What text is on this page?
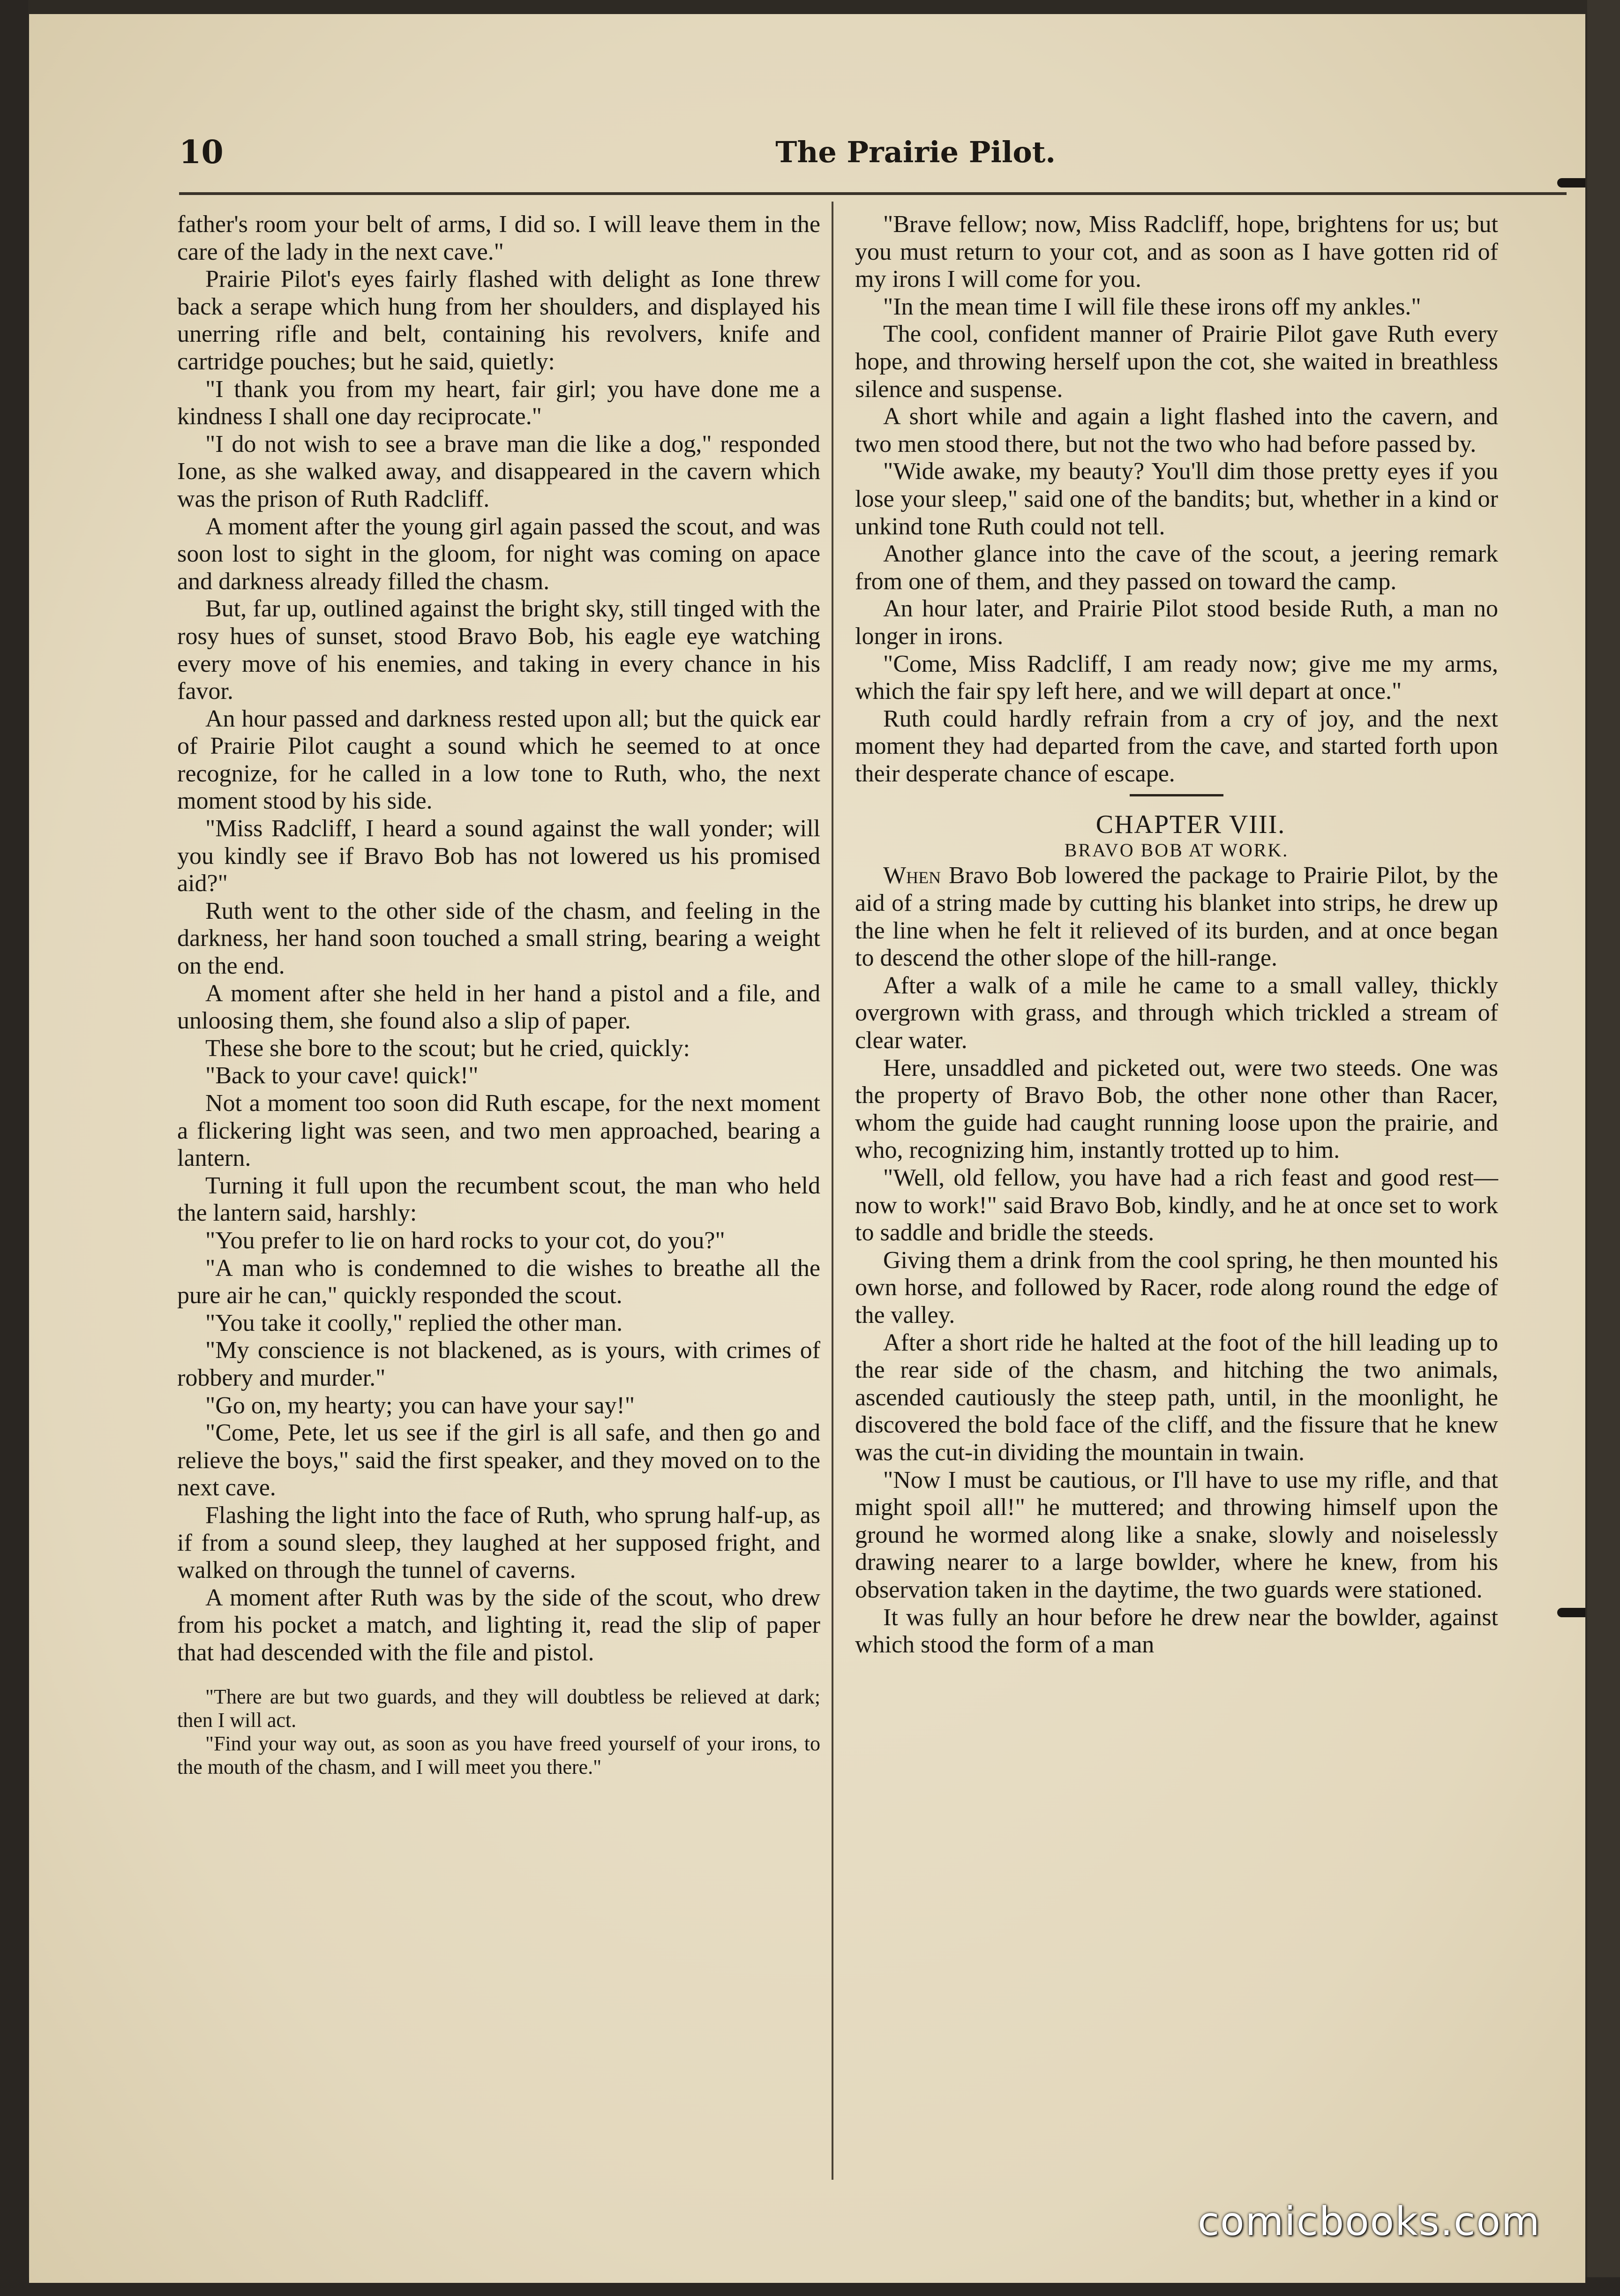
10	The Prairie Pilot.

father's room your belt of arms, I did so. I will leave them in the care of the lady in the next cave."

Prairie Pilot's eyes fairly flashed with delight as Ione threw back a serape which hung from her shoulders, and displayed his unerring rifle and belt, containing his revolvers, knife and cartridge pouches; but he said, quietly:

"I thank you from my heart, fair girl; you have done me a kindness I shall one day reciprocate."

"I do not wish to see a brave man die like a dog," responded Ione, as she walked away, and disappeared in the cavern which was the prison of Ruth Radcliff.

A moment after the young girl again passed the scout, and was soon lost to sight in the gloom, for night was coming on apace and darkness already filled the chasm.

But, far up, outlined against the bright sky, still tinged with the rosy hues of sunset, stood Bravo Bob, his eagle eye watching every move of his enemies, and taking in every chance in his favor.

An hour passed and darkness rested upon all; but the quick ear of Prairie Pilot caught a sound which he seemed to at once recognize, for he called in a low tone to Ruth, who, the next moment stood by his side.

"Miss Radcliff, I heard a sound against the wall yonder; will you kindly see if Bravo Bob has not lowered us his promised aid?"

Ruth went to the other side of the chasm, and feeling in the darkness, her hand soon touched a small string, bearing a weight on the end.

A moment after she held in her hand a pistol and a file, and unloosing them, she found also a slip of paper.

These she bore to the scout; but he cried, quickly:

"Back to your cave! quick!"

Not a moment too soon did Ruth escape, for the next moment a flickering light was seen, and two men approached, bearing a lantern.

Turning it full upon the recumbent scout, the man who held the lantern said, harshly:

"You prefer to lie on hard rocks to your cot, do you?"

"A man who is condemned to die wishes to breathe all the pure air he can," quickly responded the scout.

"You take it coolly," replied the other man.

"My conscience is not blackened, as is yours, with crimes of robbery and murder."

"Go on, my hearty; you can have your say!"

"Come, Pete, let us see if the girl is all safe, and then go and relieve the boys," said the first speaker, and they moved on to the next cave.

Flashing the light into the face of Ruth, who sprung half-up, as if from a sound sleep, they laughed at her supposed fright, and walked on through the tunnel of caverns.

A moment after Ruth was by the side of the scout, who drew from his pocket a match, and lighting it, read the slip of paper that had descended with the file and pistol.

"There are but two guards, and they will doubtless be relieved at dark; then I will act.

"Find your way out, as soon as you have freed yourself of your irons, to the mouth of the chasm, and I will meet you there."

"Brave fellow; now, Miss Radcliff, hope, brightens for us; but you must return to your cot, and as soon as I have gotten rid of my irons I will come for you.

"In the mean time I will file these irons off my ankles."

The cool, confident manner of Prairie Pilot gave Ruth every hope, and throwing herself upon the cot, she waited in breathless silence and suspense.

A short while and again a light flashed into the cavern, and two men stood there, but not the two who had before passed by.

"Wide awake, my beauty? You'll dim those pretty eyes if you lose your sleep," said one of the bandits; but, whether in a kind or unkind tone Ruth could not tell.

Another glance into the cave of the scout, a jeering remark from one of them, and they passed on toward the camp.

An hour later, and Prairie Pilot stood beside Ruth, a man no longer in irons.

"Come, Miss Radcliff, I am ready now; give me my arms, which the fair spy left here, and we will depart at once."

Ruth could hardly refrain from a cry of joy, and the next moment they had departed from the cave, and started forth upon their desperate chance of escape.

CHAPTER VIII.

BRAVO BOB AT WORK.

When Bravo Bob lowered the package to Prairie Pilot, by the aid of a string made by cutting his blanket into strips, he drew up the line when he felt it relieved of its burden, and at once began to descend the other slope of the hill-range.

After a walk of a mile he came to a small valley, thickly overgrown with grass, and through which trickled a stream of clear water.

Here, unsaddled and picketed out, were two steeds. One was the property of Bravo Bob, the other none other than Racer, whom the guide had caught running loose upon the prairie, and who, recognizing him, instantly trotted up to him.

"Well, old fellow, you have had a rich feast and good rest—now to work!" said Bravo Bob, kindly, and he at once set to work to saddle and bridle the steeds.

Giving them a drink from the cool spring, he then mounted his own horse, and followed by Racer, rode along round the edge of the valley.

After a short ride he halted at the foot of the hill leading up to the rear side of the chasm, and hitching the two animals, ascended cautiously the steep path, until, in the moonlight, he discovered the bold face of the cliff, and the fissure that he knew was the cut-in dividing the mountain in twain.

"Now I must be cautious, or I'll have to use my rifle, and that might spoil all!" he muttered; and throwing himself upon the ground he wormed along like a snake, slowly and noiselessly drawing nearer to a large bowlder, where he knew, from his observation taken in the daytime, the two guards were stationed.

It was fully an hour before he drew near the bowlder, against which stood the form of a man

comicbooks.com
